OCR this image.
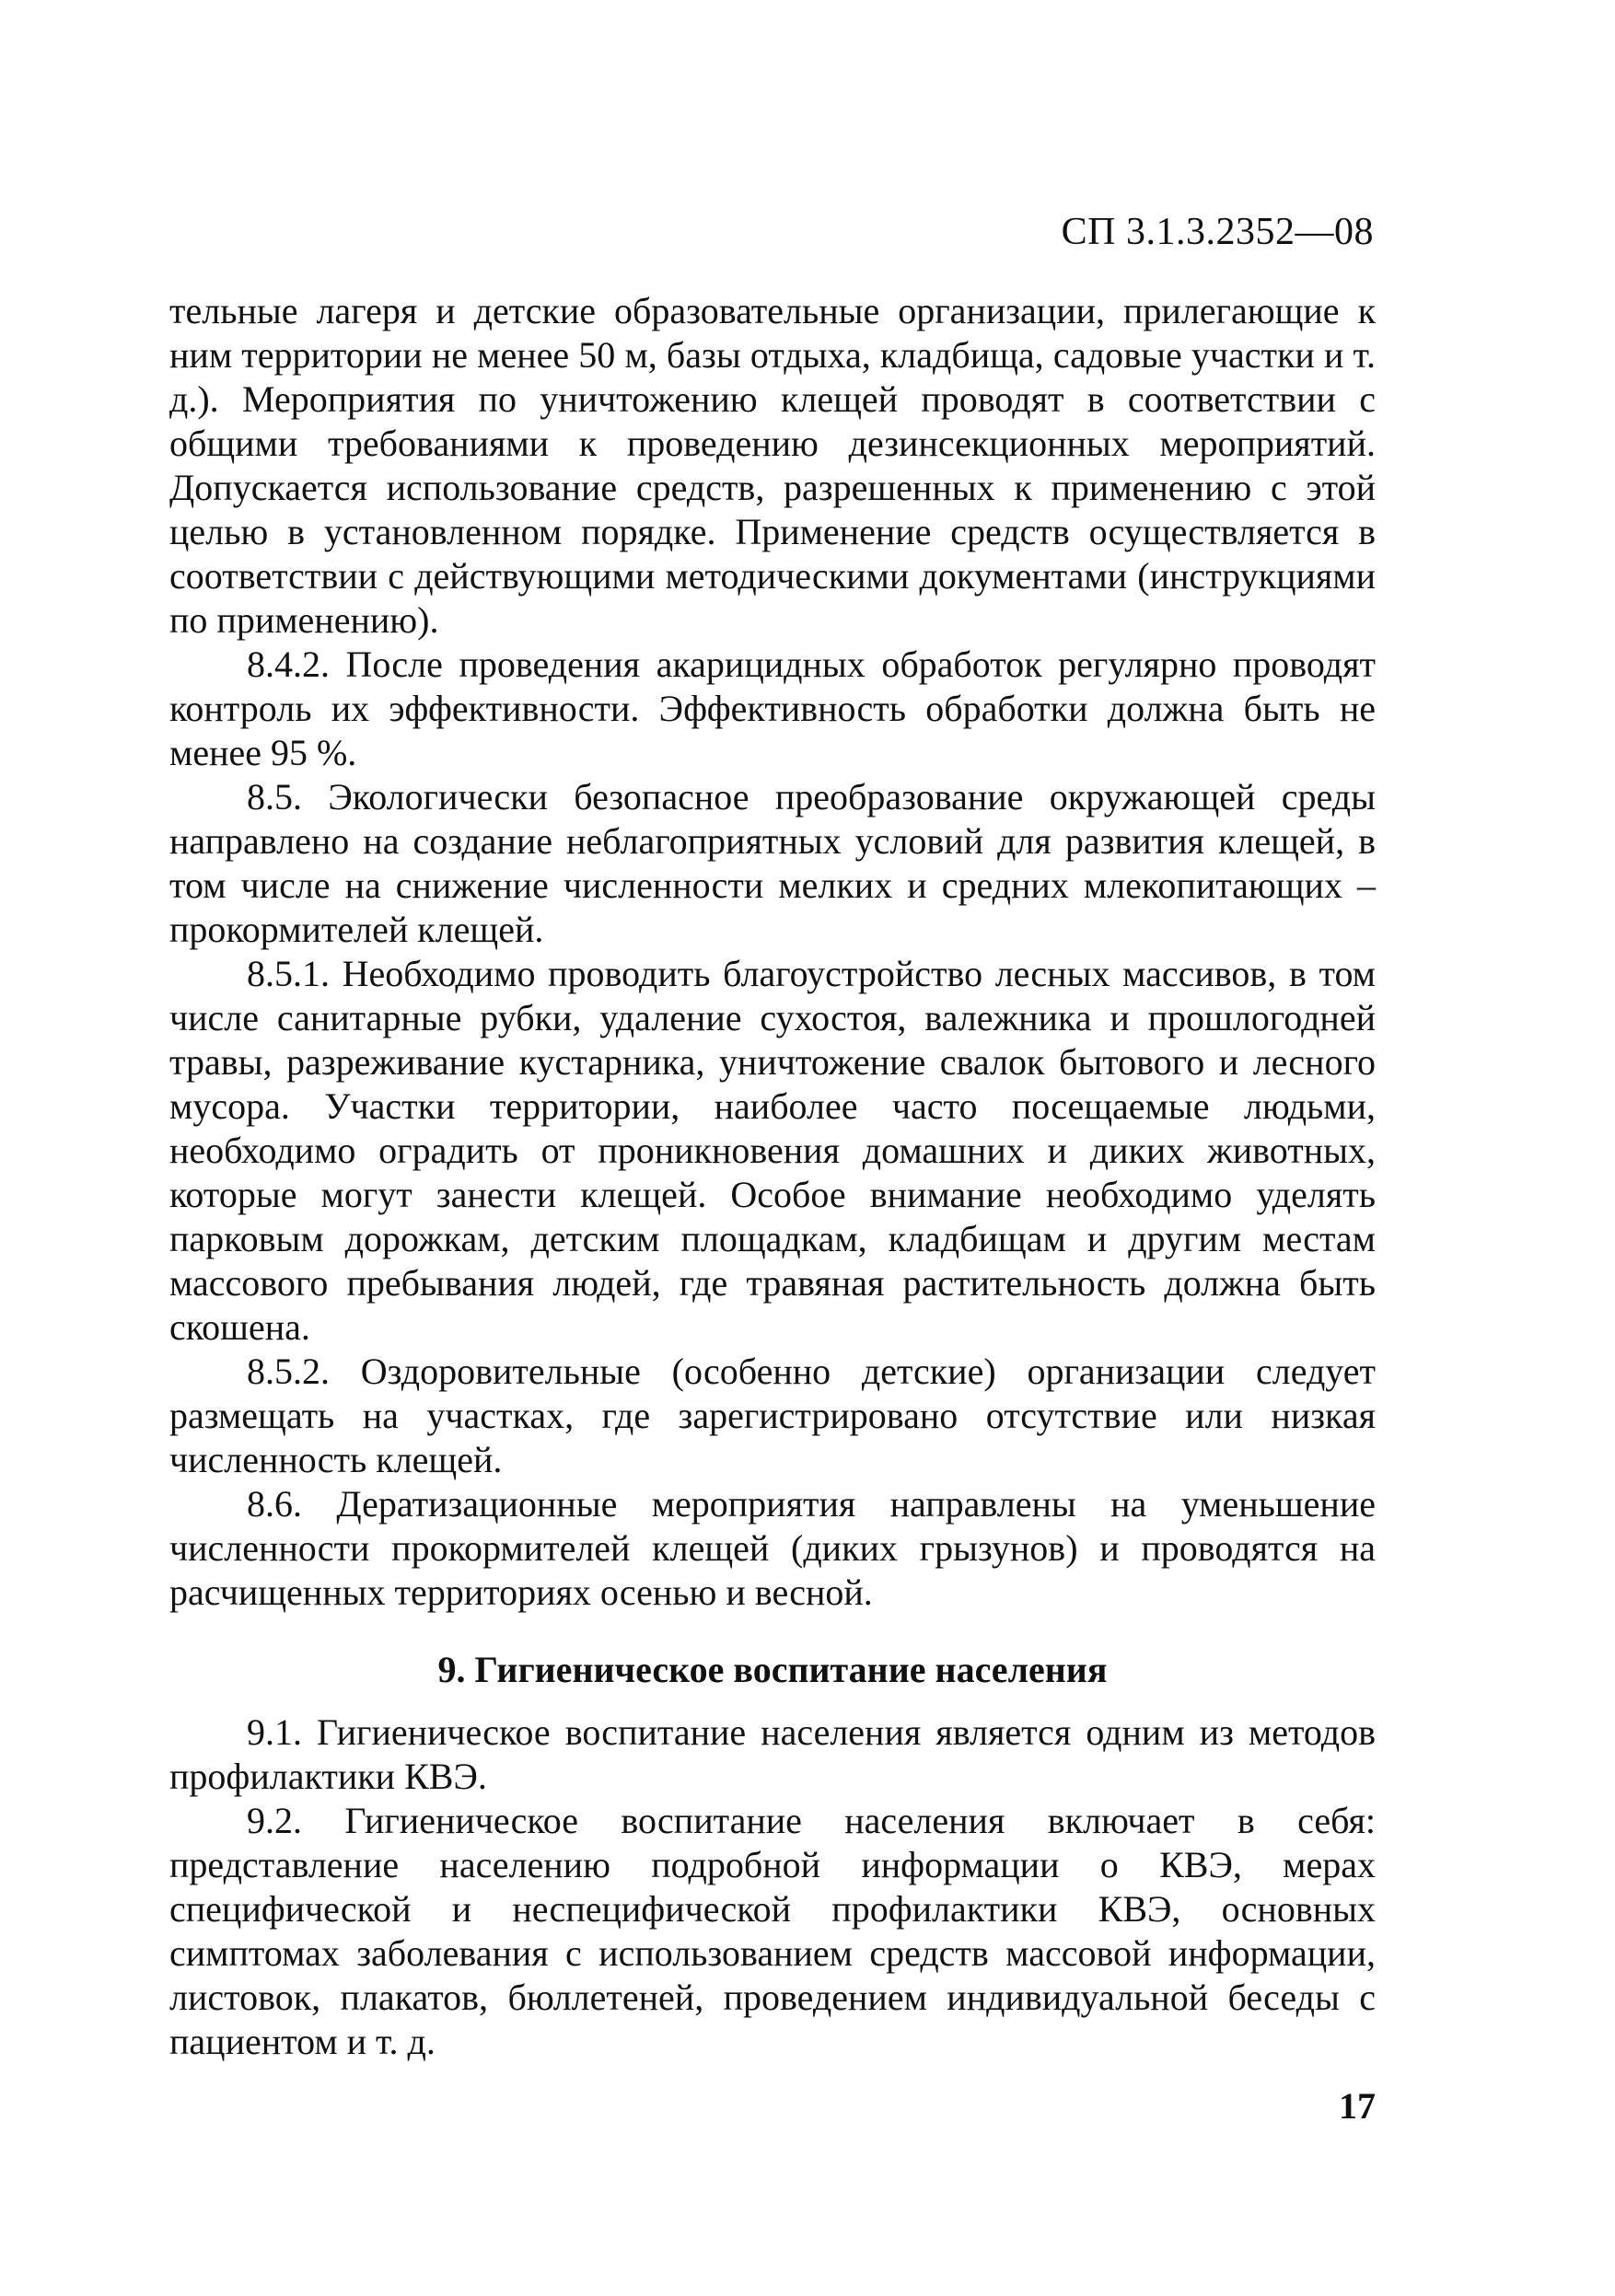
СП 3.1.3.2352—08

тельные лагеря и детские образовательные организации, прилегающие к ним территории не менее 50 м, базы отдыха, кладбища, садовые участки и т. д.). Мероприятия по уничтожению клещей проводят в соответствии с общими требованиями к проведению дезинсекционных мероприятий. Допускается использование средств, разрешенных к применению с этой целью в установленном порядке. Применение средств осуществляется в соответствии с действующими методическими документами (инструкциями по применению).

8.4.2. После проведения акарицидных обработок регулярно проводят контроль их эффективности. Эффективность обработки должна быть не менее 95 %.

8.5. Экологически безопасное преобразование окружающей среды направлено на создание неблагоприятных условий для развития клещей, в том числе на снижение численности мелких и средних млекопитающих – прокормителей клещей.

8.5.1. Необходимо проводить благоустройство лесных массивов, в том числе санитарные рубки, удаление сухостоя, валежника и прошлогодней травы, разреживание кустарника, уничтожение свалок бытового и лесного мусора. Участки территории, наиболее часто посещаемые людьми, необходимо оградить от проникновения домашних и диких животных, которые могут занести клещей. Особое внимание необходимо уделять парковым дорожкам, детским площадкам, кладбищам и другим местам массового пребывания людей, где травяная растительность должна быть скошена.

8.5.2. Оздоровительные (особенно детские) организации следует размещать на участках, где зарегистрировано отсутствие или низкая численность клещей.

8.6. Дератизационные мероприятия направлены на уменьшение численности прокормителей клещей (диких грызунов) и проводятся на расчищенных территориях осенью и весной.

9. Гигиеническое воспитание населения

9.1. Гигиеническое воспитание населения является одним из методов профилактики КВЭ.

9.2. Гигиеническое воспитание населения включает в себя: представление населению подробной информации о КВЭ, мерах специфической и неспецифической профилактики КВЭ, основных симптомах заболевания с использованием средств массовой информации, листовок, плакатов, бюллетеней, проведением индивидуальной беседы с пациентом и т. д.

17
